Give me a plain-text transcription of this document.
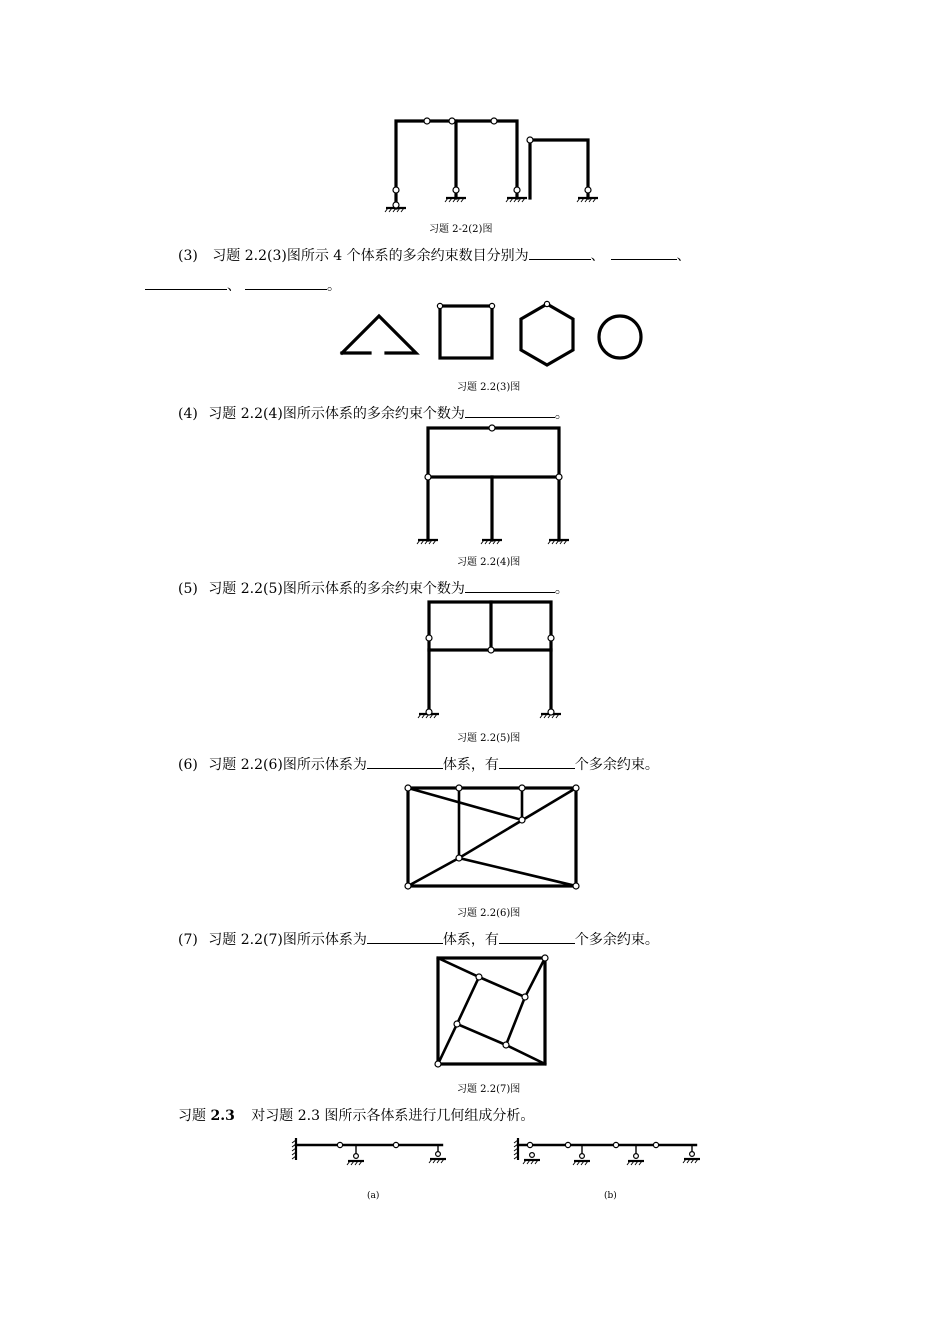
习题 2-2(2)图
(3) 习题 2.2(3)图所示 4 个体系的多余约束数目分别为	、	、
、	。
习题 2.2(3)图
(4) 习题 2.2(4)图所示体系的多余约束个数为	。
习题 2.2(4)图
(5) 习题 2.2(5)图所示体系的多余约束个数为	。
习题 2.2(5)图
(6) 习题 2.2(6)图所示体系为	体系，有	个多余约束。
习题 2.2(6)图
(7) 习题 2.2(7)图所示体系为	体系，有	个多余约束。
习题 2.2(7)图
习题 2.3 对习题 2.3 图所示各体系进行几何组成分析。
(a)	(b)
